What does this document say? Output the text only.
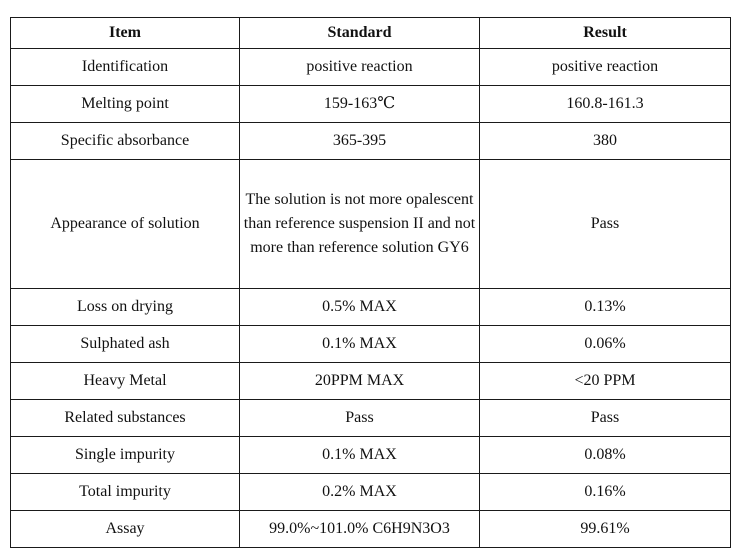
Item	Standard	Result
Identification	positive reaction	positive reaction
Melting point	159-163℃	160.8-161.3
Specific absorbance	365-395	380
Appearance of solution	The solution is not more opalescent than reference suspension II and not more than reference solution GY6	Pass
Loss on drying	0.5% MAX	0.13%
Sulphated ash	0.1% MAX	0.06%
Heavy Metal	20PPM MAX	<20 PPM
Related substances	Pass	Pass
Single impurity	0.1% MAX	0.08%
Total impurity	0.2% MAX	0.16%
Assay	99.0%~101.0% C6H9N3O3	99.61%
